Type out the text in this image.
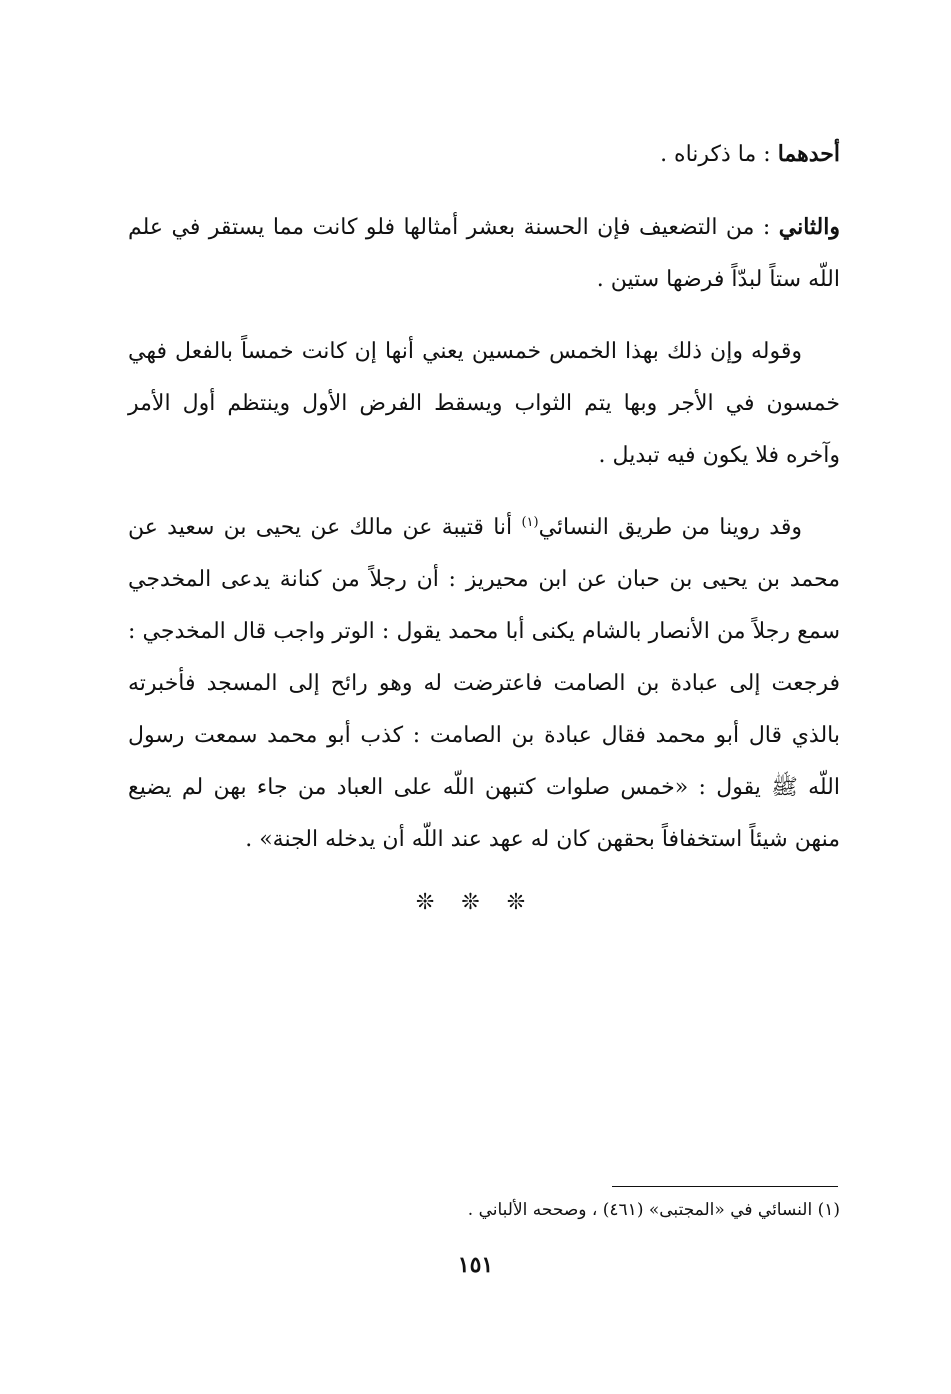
أحدهما : ما ذكرناه .

والثاني : من التضعيف فإن الحسنة بعشر أمثالها فلو كانت مما يستقر في علم اللّه ستاً لبدّاً فرضها ستين .

وقوله وإن ذلك بهذا الخمس خمسين يعني أنها إن كانت خمساً بالفعل فهي خمسون في الأجر وبها يتم الثواب ويسقط الفرض الأول وينتظم أول الأمر وآخره فلا يكون فيه تبديل .

وقد روينا من طريق النسائي$^{(١)}$ أنا قتيبة عن مالك عن يحيى بن سعيد عن محمد بن يحيى بن حبان عن ابن محيريز : أن رجلاً من كنانة يدعى المخدجي سمع رجلاً من الأنصار بالشام يكنى أبا محمد يقول : الوتر واجب قال المخدجي : فرجعت إلى عبادة بن الصامت فاعترضت له وهو رائح إلى المسجد فأخبرته بالذي قال أبو محمد فقال عبادة بن الصامت : كذب أبو محمد سمعت رسول اللّه ﷺ يقول : «خمس صلوات كتبهن اللّه على العباد من جاء بهن لم يضيع منهن شيئاً استخفافاً بحقهن كان له عهد عند اللّه أن يدخله الجنة» .

❊ ❊ ❊
(١) النسائي في «المجتبى» (٤٦١) ، وصححه الألباني .
١٥١
